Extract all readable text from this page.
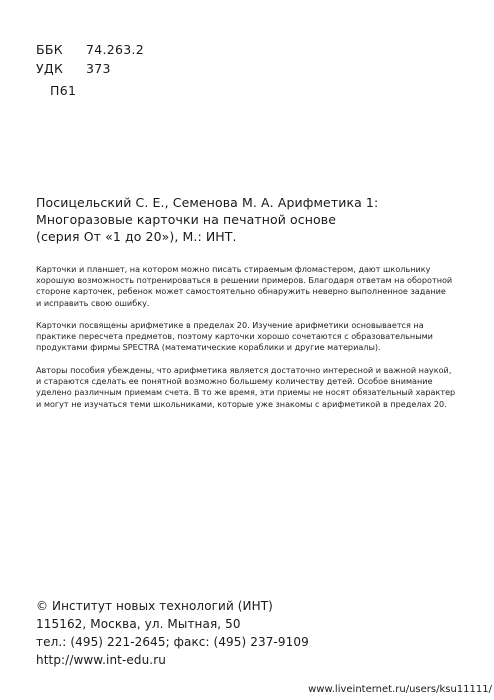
ББК 74.263.2
УДК 373
П61
Посицельский С. Е., Семенова М. А. Арифметика 1:
Многоразовые карточки на печатной основе
(серия От «1 до 20»), М.: ИНТ.
Карточки и планшет, на котором можно писать стираемым фломастером, дают школьнику
хорошую возможность потренироваться в решении примеров. Благодаря ответам на оборотной
стороне карточек, ребенок может самостоятельно обнаружить неверно выполненное задание
и исправить свою ошибку.
Карточки посвящены арифметике в пределах 20. Изучение арифметики основывается на
практике пересчета предметов, поэтому карточки хорошо сочетаются с образовательными
продуктами фирмы SPECTRA (математические кораблики и другие материалы).
Авторы пособия убеждены, что арифметика является достаточно интересной и важной наукой,
и стараются сделать ее понятной возможно большему количеству детей. Особое внимание
уделено различным приемам счета. В то же время, эти приемы не носят обязательный характер
и могут не изучаться теми школьниками, которые уже знакомы с арифметикой в пределах 20.
© Институт новых технологий (ИНТ)
115162, Москва, ул. Мытная, 50
тел.: (495) 221-2645; факс: (495) 237-9109
http://www.int-edu.ru
www.liveinternet.ru/users/ksu11111/
